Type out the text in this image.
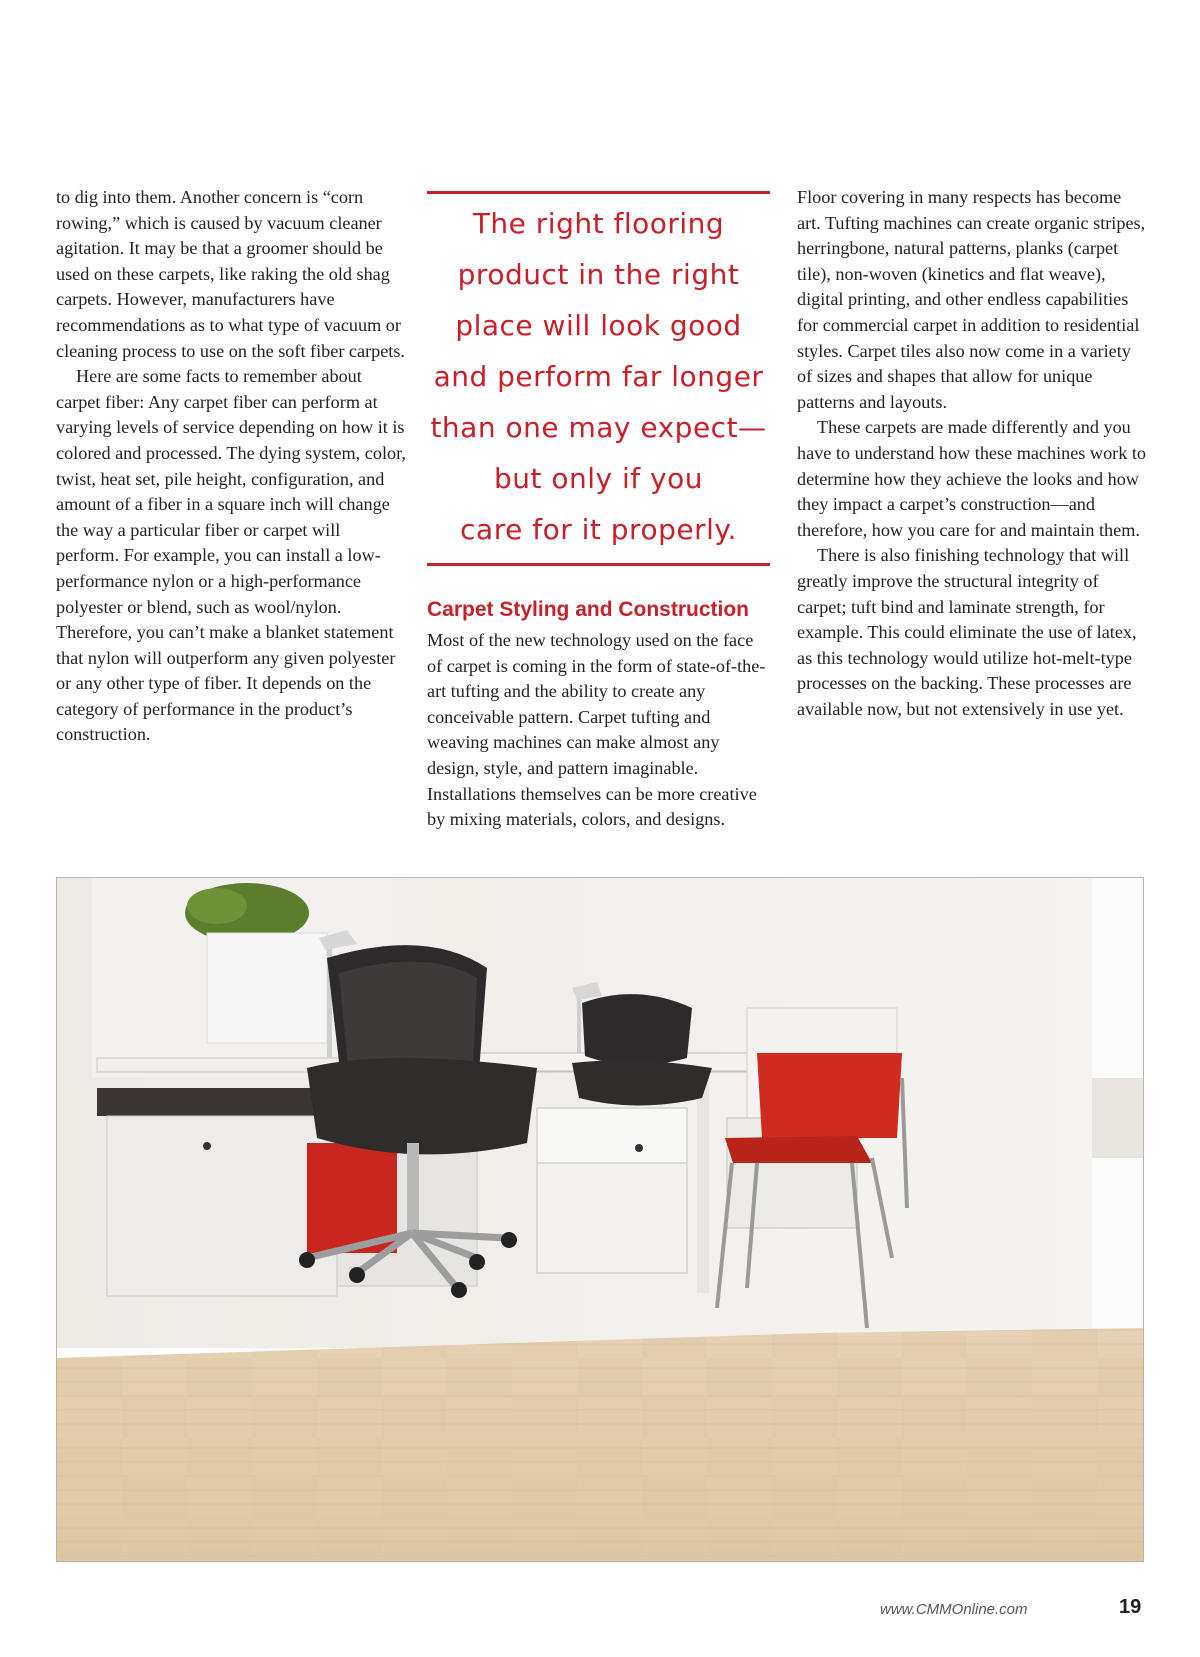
to dig into them. Another concern is “corn rowing,” which is caused by vacuum cleaner agitation. It may be that a groomer should be used on these carpets, like raking the old shag carpets. However, manufacturers have recommendations as to what type of vacuum or cleaning process to use on the soft fiber carpets.

Here are some facts to remember about carpet fiber: Any carpet fiber can perform at varying levels of service depending on how it is colored and processed. The dying system, color, twist, heat set, pile height, configuration, and amount of a fiber in a square inch will change the way a particular fiber or carpet will perform. For example, you can install a low-performance nylon or a high-performance polyester or blend, such as wool/nylon. Therefore, you can’t make a blanket statement that nylon will outperform any given polyester or any other type of fiber. It depends on the category of performance in the product’s construction.

The right flooring
product in the right
place will look good
and perform far longer
than one may expect—
but only if you
care for it properly.
Carpet Styling and Construction

Most of the new technology used on the face of carpet is coming in the form of state-of-the-art tufting and the ability to create any conceivable pattern. Carpet tufting and weaving machines can make almost any design, style, and pattern imaginable. Installations themselves can be more creative by mixing materials, colors, and designs.

Floor covering in many respects has become art. Tufting machines can create organic stripes, herringbone, natural patterns, planks (carpet tile), non-woven (kinetics and flat weave), digital printing, and other endless capabilities for commercial carpet in addition to residential styles. Carpet tiles also now come in a variety of sizes and shapes that allow for unique patterns and layouts.

These carpets are made differently and you have to understand how these machines work to determine how they achieve the looks and how they impact a carpet’s construction—and therefore, how you care for and maintain them.

There is also finishing technology that will greatly improve the structural integrity of carpet; tuft bind and laminate strength, for example. This could eliminate the use of latex, as this technology would utilize hot-melt-type processes on the backing. These processes are available now, but not extensively in use yet.

www.CMMOnline.com	19
